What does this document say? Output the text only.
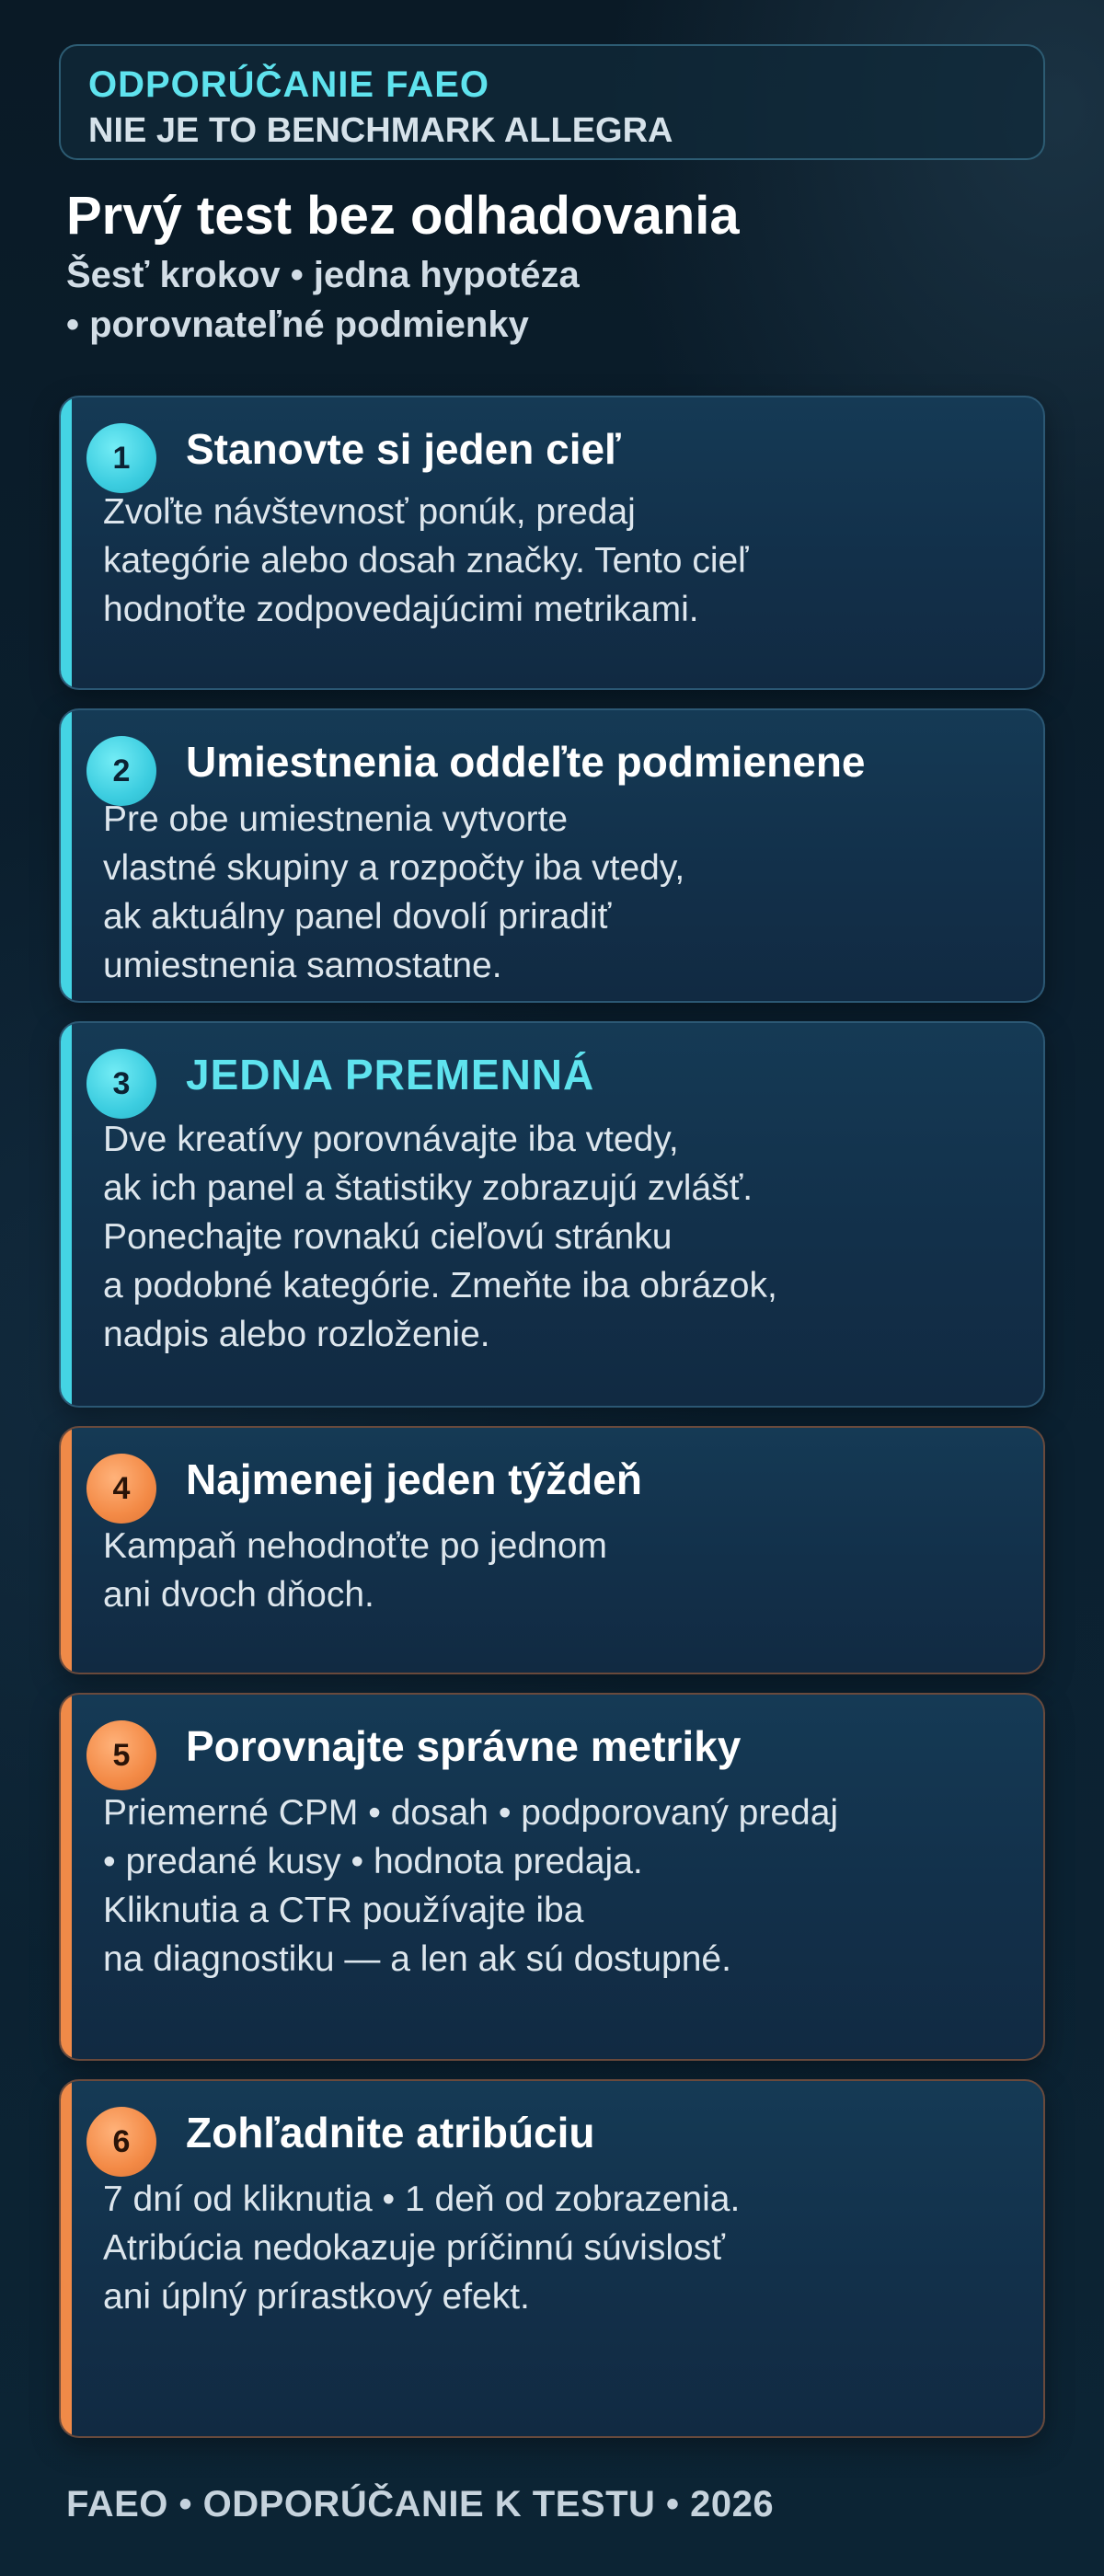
ODPORÚČANIE FAEO
NIE JE TO BENCHMARK ALLEGRA
Prvý test bez odhadovania
Šesť krokov • jedna hypotéza
• porovnateľné podmienky
1	Stanovte si jeden cieľ
Zvoľte návštevnosť ponúk, predaj
kategórie alebo dosah značky. Tento cieľ
hodnoťte zodpovedajúcimi metrikami.
2	Umiestnenia oddeľte podmienene
Pre obe umiestnenia vytvorte
vlastné skupiny a rozpočty iba vtedy,
ak aktuálny panel dovolí priradiť
umiestnenia samostatne.
3	JEDNA PREMENNÁ
Dve kreatívy porovnávajte iba vtedy,
ak ich panel a štatistiky zobrazujú zvlášť.
Ponechajte rovnakú cieľovú stránku
a podobné kategórie. Zmeňte iba obrázok,
nadpis alebo rozloženie.
4	Najmenej jeden týždeň
Kampaň nehodnoťte po jednom
ani dvoch dňoch.
5	Porovnajte správne metriky
Priemerné CPM • dosah • podporovaný predaj
• predané kusy • hodnota predaja.
Kliknutia a CTR používajte iba
na diagnostiku — a len ak sú dostupné.
6	Zohľadnite atribúciu
7 dní od kliknutia • 1 deň od zobrazenia.
Atribúcia nedokazuje príčinnú súvislosť
ani úplný prírastkový efekt.
FAEO • ODPORÚČANIE K TESTU • 2026
